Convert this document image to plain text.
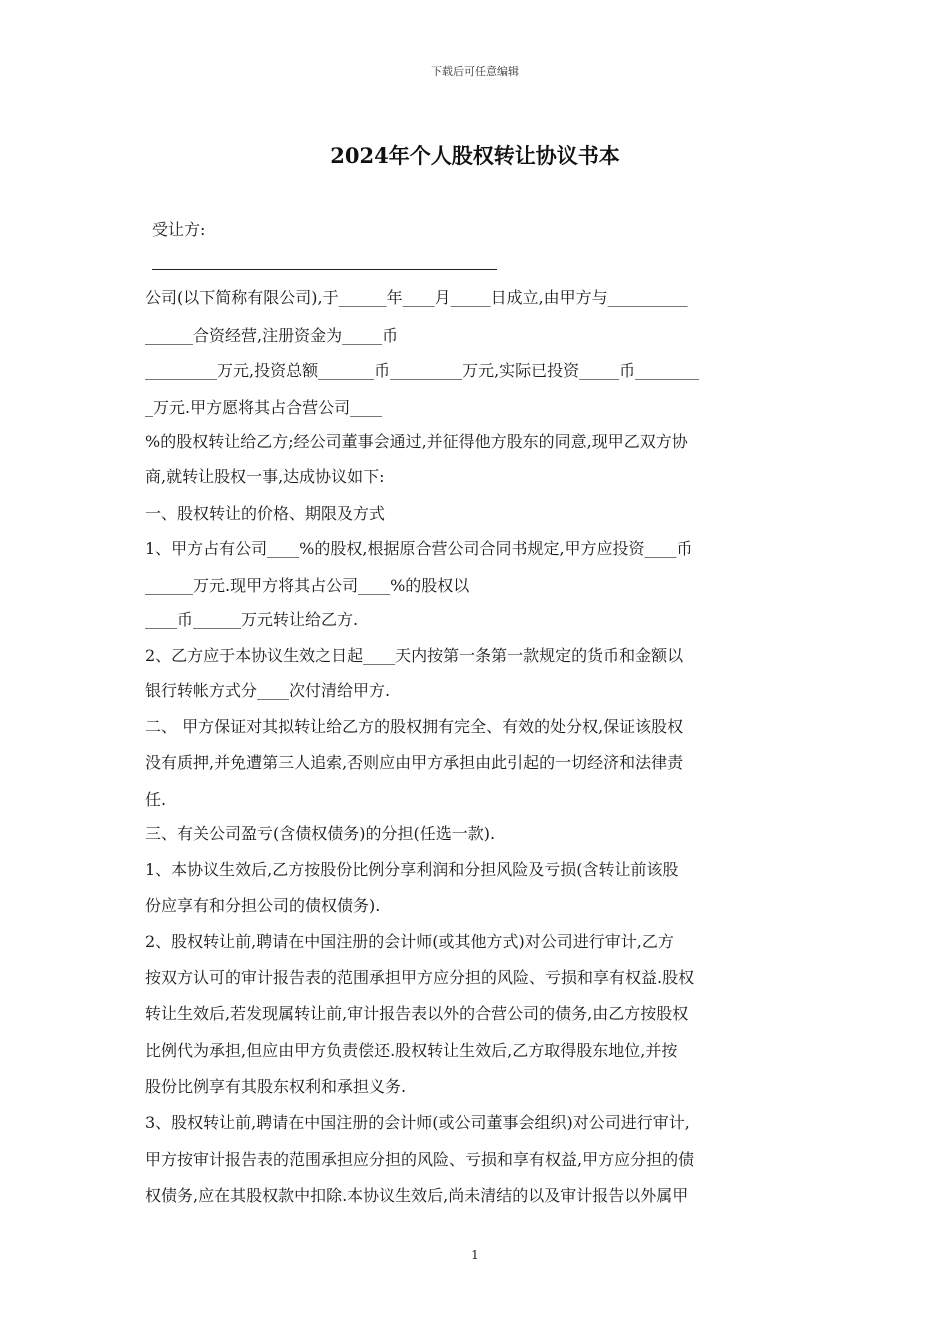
下载后可任意编辑
2024年个人股权转让协议书本
受让方:
公司(以下简称有限公司),于______年____月_____日成立,由甲方与__________
______合资经营,注册资金为_____币
_________万元,投资总额_______币_________万元,实际已投资_____币________
_万元.甲方愿将其占合营公司____
%的股权转让给乙方;经公司董事会通过,并征得他方股东的同意,现甲乙双方协
商,就转让股权一事,达成协议如下:
一、股权转让的价格、期限及方式
1、甲方占有公司____%的股权,根据原合营公司合同书规定,甲方应投资____币
______万元.现甲方将其占公司____%的股权以
____币______万元转让给乙方.
2、乙方应于本协议生效之日起____天内按第一条第一款规定的货币和金额以
银行转帐方式分____次付清给甲方.
二、 甲方保证对其拟转让给乙方的股权拥有完全、有效的处分权,保证该股权
没有质押,并免遭第三人追索,否则应由甲方承担由此引起的一切经济和法律责
任.
三、有关公司盈亏(含债权债务)的分担(任选一款).
1、本协议生效后,乙方按股份比例分享利润和分担风险及亏损(含转让前该股
份应享有和分担公司的债权债务).
2、股权转让前,聘请在中国注册的会计师(或其他方式)对公司进行审计,乙方
按双方认可的审计报告表的范围承担甲方应分担的风险、亏损和享有权益.股权
转让生效后,若发现属转让前,审计报告表以外的合营公司的债务,由乙方按股权
比例代为承担,但应由甲方负责偿还.股权转让生效后,乙方取得股东地位,并按
股份比例享有其股东权利和承担义务.
3、股权转让前,聘请在中国注册的会计师(或公司董事会组织)对公司进行审计,
甲方按审计报告表的范围承担应分担的风险、亏损和享有权益,甲方应分担的债
权债务,应在其股权款中扣除.本协议生效后,尚未清结的以及审计报告以外属甲
1
